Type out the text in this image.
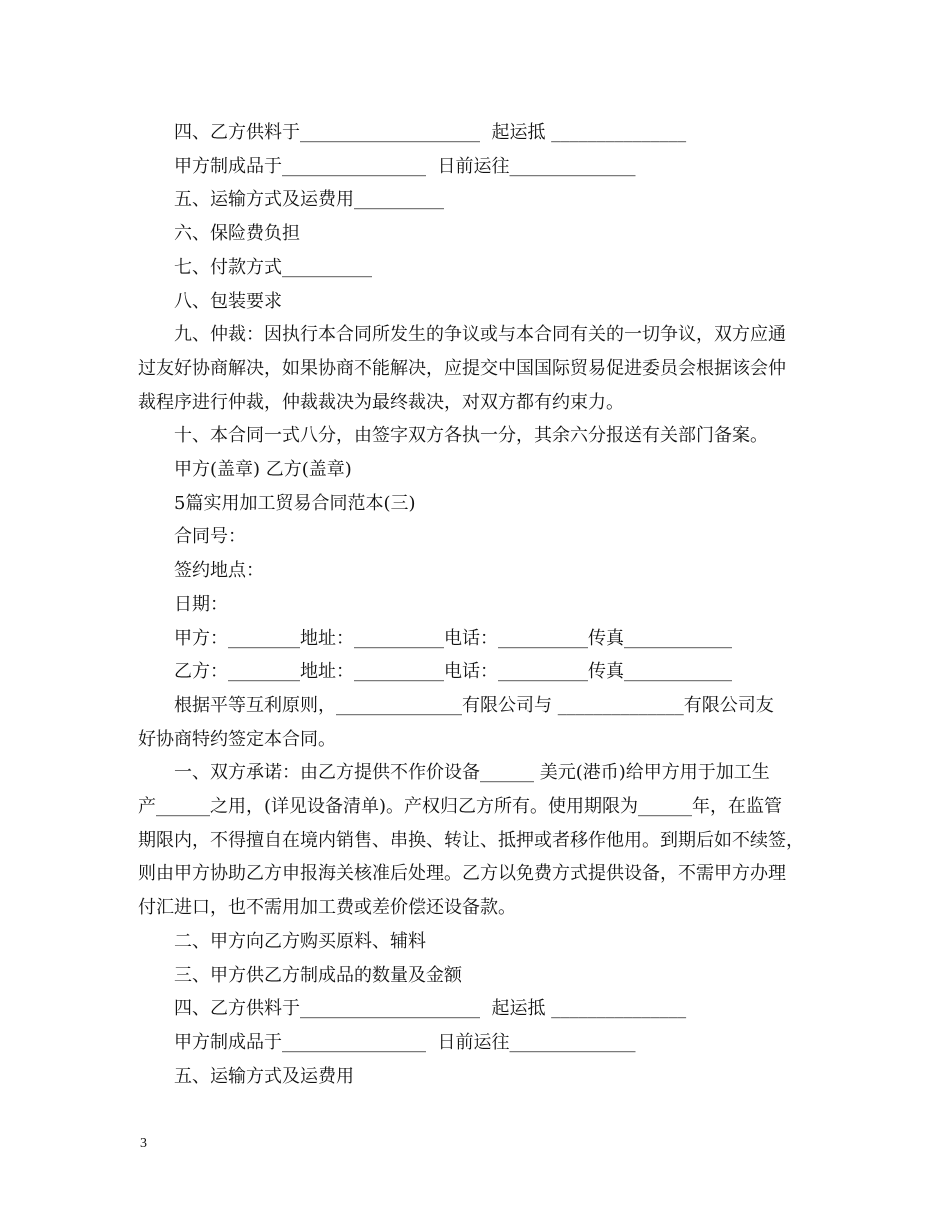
四、乙方供料于____________________  起运抵 _______________

甲方制成品于________________  日前运往______________

五、运输方式及运费用__________

六、保险费负担

七、付款方式__________

八、包装要求

九、仲裁：因执行本合同所发生的争议或与本合同有关的一切争议，双方应通

过友好协商解决，如果协商不能解决，应提交中国国际贸易促进委员会根据该会仲

裁程序进行仲裁，仲裁裁决为最终裁决，对双方都有约束力。

十、本合同一式八分，由签字双方各执一分，其余六分报送有关部门备案。

甲方(盖章) 乙方(盖章)

5篇实用加工贸易合同范本(三)

合同号：

签约地点：

日期：

甲方：________地址：__________电话：__________传真____________

乙方：________地址：__________电话：__________传真____________

根据平等互利原则，______________有限公司与 ______________有限公司友

好协商特约签定本合同。

一、双方承诺：由乙方提供不作价设备______ 美元(港币)给甲方用于加工生

产______之用，(详见设备清单)。产权归乙方所有。使用期限为______年，在监管

期限内，不得擅自在境内销售、串换、转让、抵押或者移作他用。到期后如不续签，

则由甲方协助乙方申报海关核准后处理。乙方以免费方式提供设备，不需甲方办理

付汇进口，也不需用加工费或差价偿还设备款。

二、甲方向乙方购买原料、辅料

三、甲方供乙方制成品的数量及金额

四、乙方供料于____________________  起运抵 _______________

甲方制成品于________________  日前运往______________

五、运输方式及运费用

3
